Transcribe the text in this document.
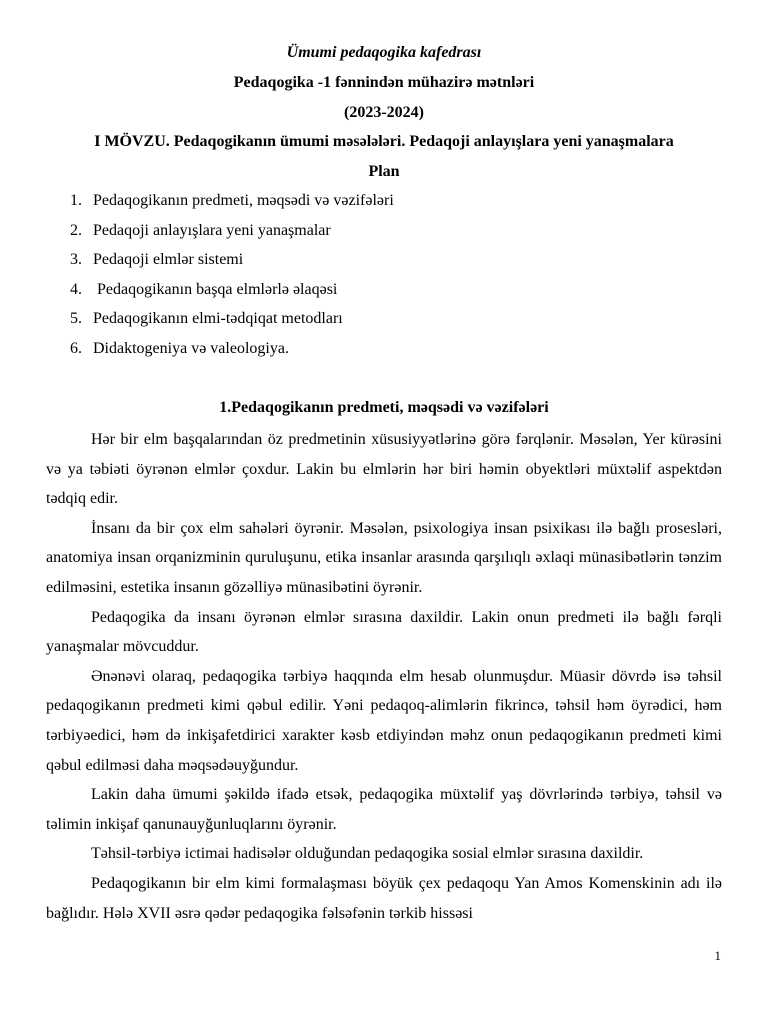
Ümumi pedaqogika kafedrası
Pedaqogika -1 fənnindən mühazirə mətnləri
(2023-2024)
I MÖVZU. Pedaqogikanın ümumi məsələləri. Pedaqoji anlayışlara yeni yanaşmalara
Plan
1. Pedaqogikanın predmeti, məqsədi və vəzifələri
2. Pedaqoji anlayışlara yeni yanaşmalar
3. Pedaqoji elmlər sistemi
4. Pedaqogikanın başqa elmlərlə əlaqəsi
5. Pedaqogikanın elmi-tədqiqat metodları
6. Didaktogeniya və valeologiya.
1.Pedaqogikanın predmeti, məqsədi və vəzifələri

Hər bir elm başqalarından öz predmetinin xüsusiyyətlərinə görə fərqlənir. Məsələn, Yer kürəsini və ya təbiəti öyrənən elmlər çoxdur. Lakin bu elmlərin hər biri həmin obyektləri müxtəlif aspektdən tədqiq edir.

İnsanı da bir çox elm sahələri öyrənir. Məsələn, psixologiya insan psixikası ilə bağlı prosesləri, anatomiya insan orqanizminin quruluşunu, etika insanlar arasında qarşılıqlı əxlaqi münasibətlərin tənzim edilməsini, estetika insanın gözəlliyə münasibətini öyrənir.

Pedaqogika da insanı öyrənən elmlər sırasına daxildir. Lakin onun predmeti ilə bağlı fərqli yanaşmalar mövcuddur.

Ənənəvi olaraq, pedaqogika tərbiyə haqqında elm hesab olunmuşdur. Müasir dövrdə isə təhsil pedaqogikanın predmeti kimi qəbul edilir. Yəni pedaqoq-alimlərin fikrincə, təhsil həm öyrədici, həm tərbiyəedici, həm də inkişafetdirici xarakter kəsb etdiyindən məhz onun pedaqogikanın predmeti kimi qəbul edilməsi daha məqsədəuyğundur.

Lakin daha ümumi şəkildə ifadə etsək, pedaqogika müxtəlif yaş dövrlərində tərbiyə, təhsil və təlimin inkişaf qanunauyğunluqlarını öyrənir.

Təhsil-tərbiyə ictimai hadisələr olduğundan pedaqogika sosial elmlər sırasına daxildir.

Pedaqogikanın bir elm kimi formalaşması böyük çex pedaqoqu Yan Amos Komenskinin adı ilə bağlıdır. Hələ XVII əsrə qədər pedaqogika fəlsəfənin tərkib hissəsi

1
